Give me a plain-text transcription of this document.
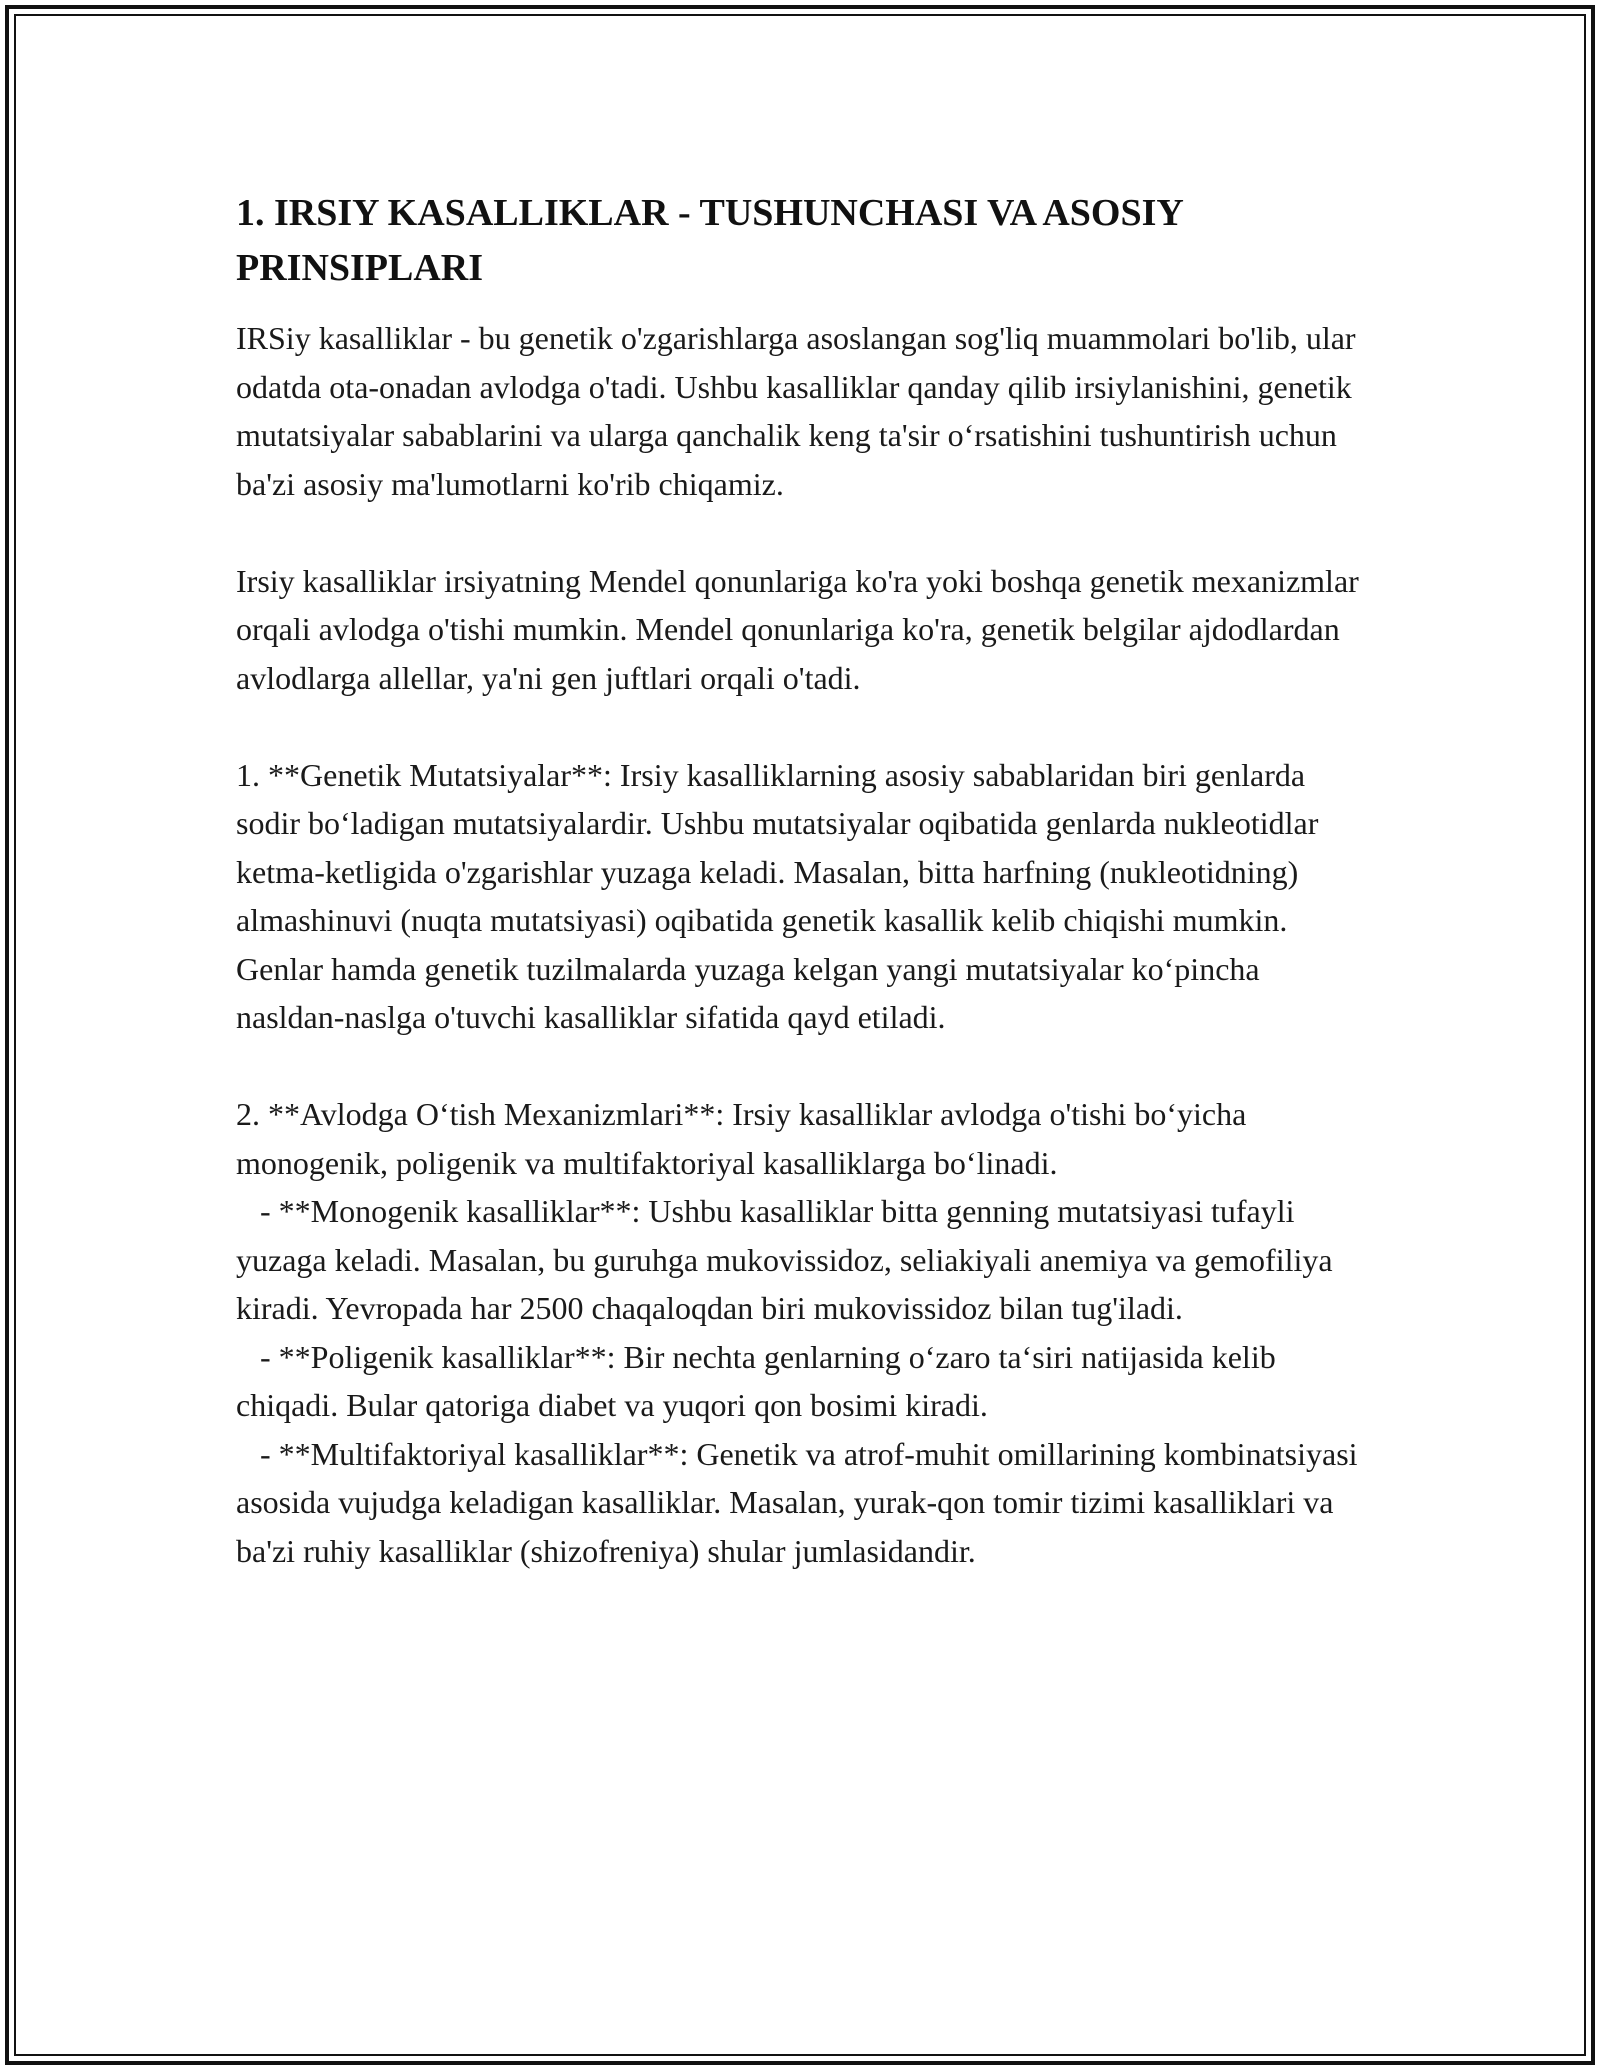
1. IRSIY KASALLIKLAR - TUSHUNCHASI VA ASOSIY PRINSIPLARI

IRSiy kasalliklar - bu genetik o'zgarishlarga asoslangan sog'liq muammolari bo'lib, ular odatda ota-onadan avlodga o'tadi. Ushbu kasalliklar qanday qilib irsiylanishini, genetik mutatsiyalar sabablarini va ularga qanchalik keng ta'sir o‘rsatishini tushuntirish uchun ba'zi asosiy ma'lumotlarni ko'rib chiqamiz.

Irsiy kasalliklar irsiyatning Mendel qonunlariga ko'ra yoki boshqa genetik mexanizmlar orqali avlodga o'tishi mumkin. Mendel qonunlariga ko'ra, genetik belgilar ajdodlardan avlodlarga allellar, ya'ni gen juftlari orqali o'tadi.

1. **Genetik Mutatsiyalar**: Irsiy kasalliklarning asosiy sabablaridan biri genlarda sodir bo‘ladigan mutatsiyalardir. Ushbu mutatsiyalar oqibatida genlarda nukleotidlar ketma-ketligida o'zgarishlar yuzaga keladi. Masalan, bitta harfning (nukleotidning) almashinuvi (nuqta mutatsiyasi) oqibatida genetik kasallik kelib chiqishi mumkin. Genlar hamda genetik tuzilmalarda yuzaga kelgan yangi mutatsiyalar ko‘pincha nasldan-naslga o'tuvchi kasalliklar sifatida qayd etiladi.

2. **Avlodga O‘tish Mexanizmlari**: Irsiy kasalliklar avlodga o'tishi bo‘yicha monogenik, poligenik va multifaktoriyal kasalliklarga bo‘linadi.
- **Monogenik kasalliklar**: Ushbu kasalliklar bitta genning mutatsiyasi tufayli yuzaga keladi. Masalan, bu guruhga mukovissidoz, seliakiyali anemiya va gemofiliya kiradi. Yevropada har 2500 chaqaloqdan biri mukovissidoz bilan tug'iladi.
- **Poligenik kasalliklar**: Bir nechta genlarning o‘zaro ta‘siri natijasida kelib chiqadi. Bular qatoriga diabet va yuqori qon bosimi kiradi.
- **Multifaktoriyal kasalliklar**: Genetik va atrof-muhit omillarining kombinatsiyasi asosida vujudga keladigan kasalliklar. Masalan, yurak-qon tomir tizimi kasalliklari va ba'zi ruhiy kasalliklar (shizofreniya) shular jumlasidandir.
